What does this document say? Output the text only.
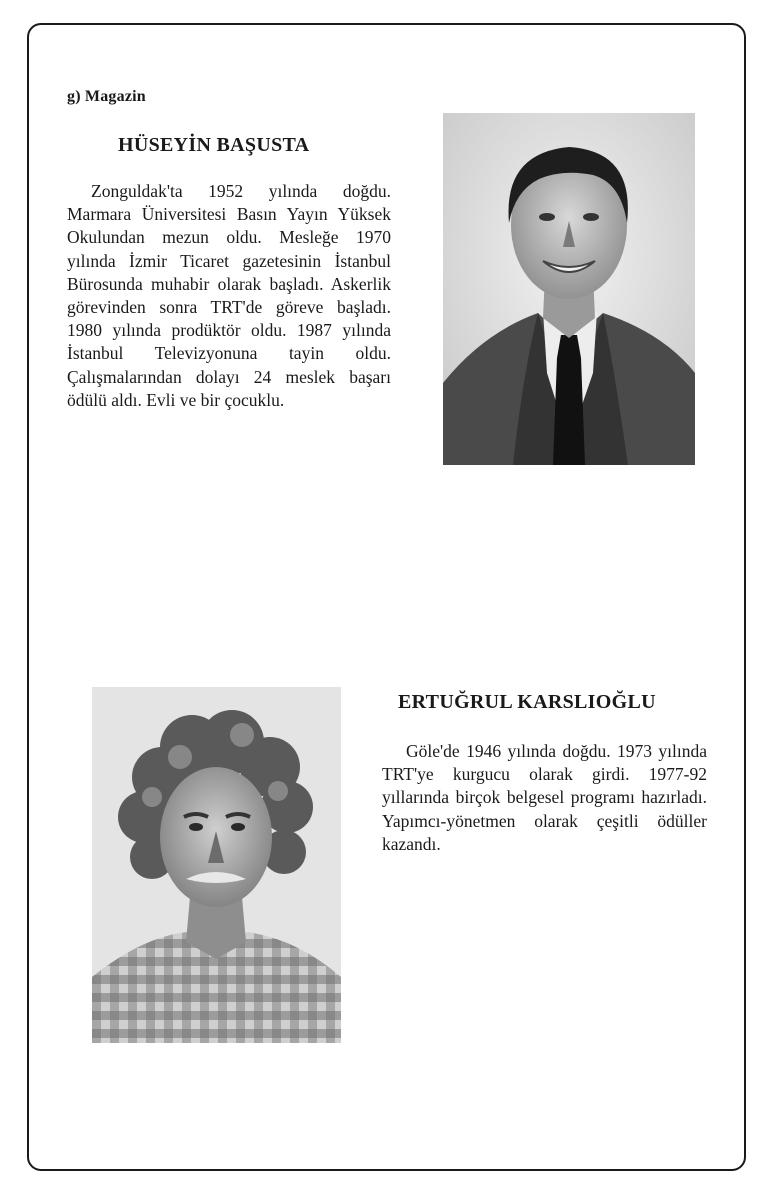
g) Magazin
HÜSEYİN BAŞUSTA

Zonguldak'ta 1952 yılında doğdu. Marmara Üniversitesi Basın Yayın Yüksek Okulundan mezun oldu. Mesleğe 1970 yılında İzmir Ticaret gazetesinin İstanbul Bürosunda muhabir olarak başladı. Askerlik görevinden sonra TRT'de göreve başladı. 1980 yılında prodüktör oldu. 1987 yılında İstanbul Televizyonuna tayin oldu. Çalışmalarından dolayı 24 meslek başarı ödülü aldı. Evli ve bir çocuklu.

ERTUĞRUL KARSLIOĞLU

Göle'de 1946 yılında doğdu. 1973 yılında TRT'ye kurgucu olarak girdi. 1977-92 yıllarında birçok belgesel programı hazırladı. Yapımcı-yönetmen olarak çeşitli ödüller kazandı.
